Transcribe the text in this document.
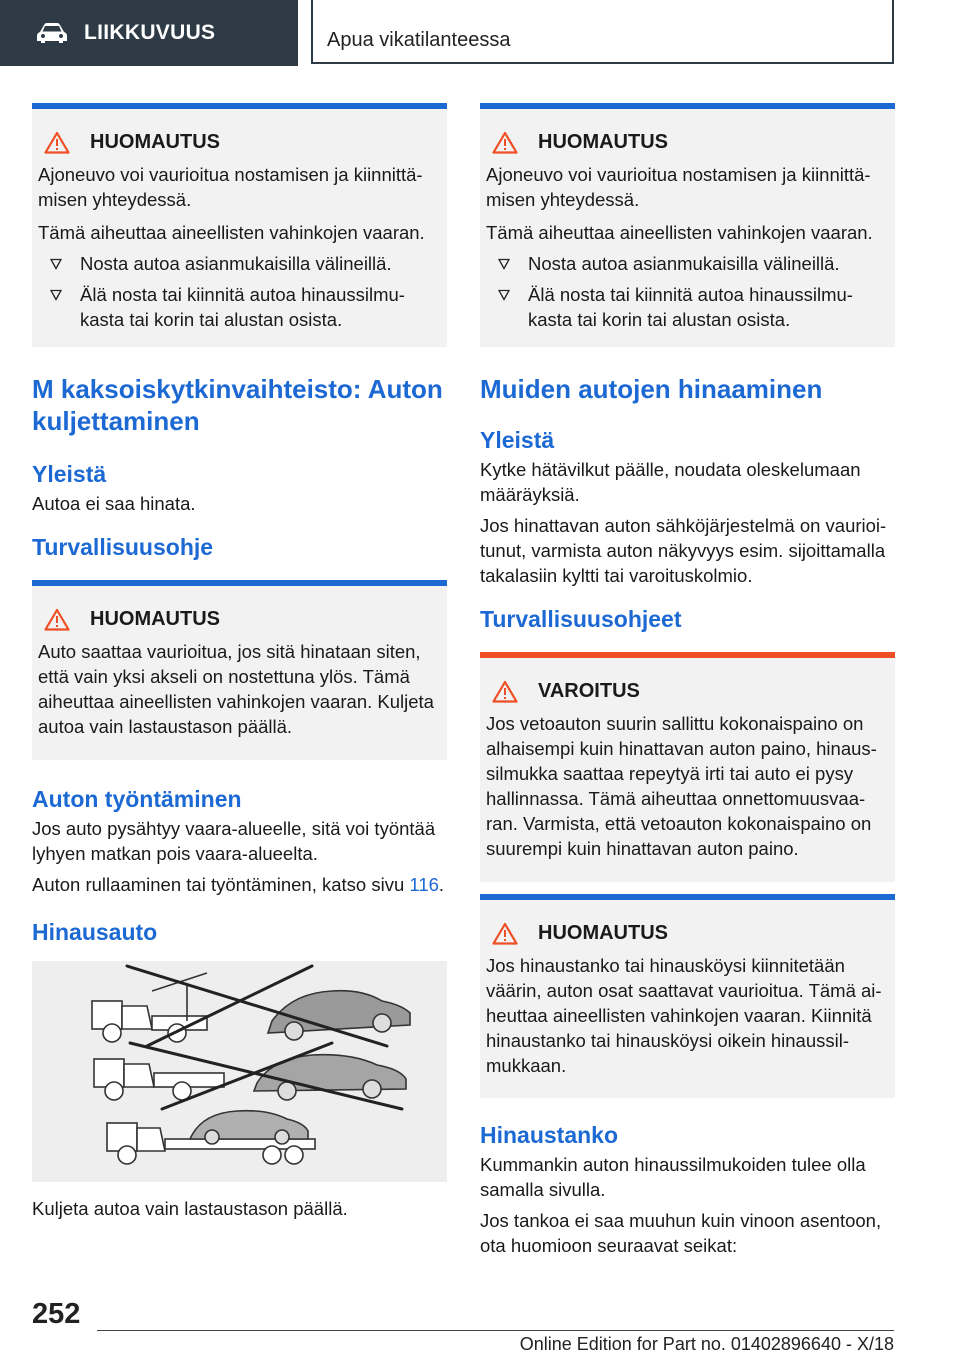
LIIKKUVUUS	Apua vikatilanteessa
HUOMAUTUS

Ajoneuvo voi vaurioitua nostamisen ja kiinnittä-misen yhteydessä.

Tämä aiheuttaa aineellisten vahinkojen vaaran.

Nosta autoa asianmukaisilla välineillä.
Älä nosta tai kiinnitä autoa hinaussilmu-kasta tai korin tai alustan osista.
M kaksoiskytkinvaihteisto: Auton kuljettaminen
Yleistä

Autoa ei saa hinata.

Turvallisuusohje
HUOMAUTUS

Auto saattaa vaurioitua, jos sitä hinataan siten, että vain yksi akseli on nostettuna ylös. Tämä aiheuttaa aineellisten vahinkojen vaaran. Kuljeta autoa vain lastaustason päällä.

Auton työntäminen

Jos auto pysähtyy vaara-alueelle, sitä voi työntää lyhyen matkan pois vaara-alueelta.

Auton rullaaminen tai työntäminen, katso sivu 116.

Hinausauto

Kuljeta autoa vain lastaustason päällä.

HUOMAUTUS

Ajoneuvo voi vaurioitua nostamisen ja kiinnittä-misen yhteydessä.

Tämä aiheuttaa aineellisten vahinkojen vaaran.

Nosta autoa asianmukaisilla välineillä.
Älä nosta tai kiinnitä autoa hinaussilmu-kasta tai korin tai alustan osista.
Muiden autojen hinaaminen
Yleistä

Kytke hätävilkut päälle, noudata oleskelumaan määräyksiä.

Jos hinattavan auton sähköjärjestelmä on vaurioi-tunut, varmista auton näkyvyys esim. sijoittamalla takalasiin kyltti tai varoituskolmio.

Turvallisuusohjeet
VAROITUS

Jos vetoauton suurin sallittu kokonaispaino on alhaisempi kuin hinattavan auton paino, hinaus-silmukka saattaa repeytyä irti tai auto ei pysy hallinnassa. Tämä aiheuttaa onnettomuusvaa-ran. Varmista, että vetoauton kokonaispaino on suurempi kuin hinattavan auton paino.

HUOMAUTUS

Jos hinaustanko tai hinausköysi kiinnitetään väärin, auton osat saattavat vaurioitua. Tämä ai-heuttaa aineellisten vahinkojen vaaran. Kiinnitä hinaustanko tai hinausköysi oikein hinaussil-mukkaan.

Hinaustanko

Kummankin auton hinaussilmukoiden tulee olla samalla sivulla.

Jos tankoa ei saa muuhun kuin vinoon asentoon, ota huomioon seuraavat seikat:

252
Online Edition for Part no. 01402896640 - X/18
